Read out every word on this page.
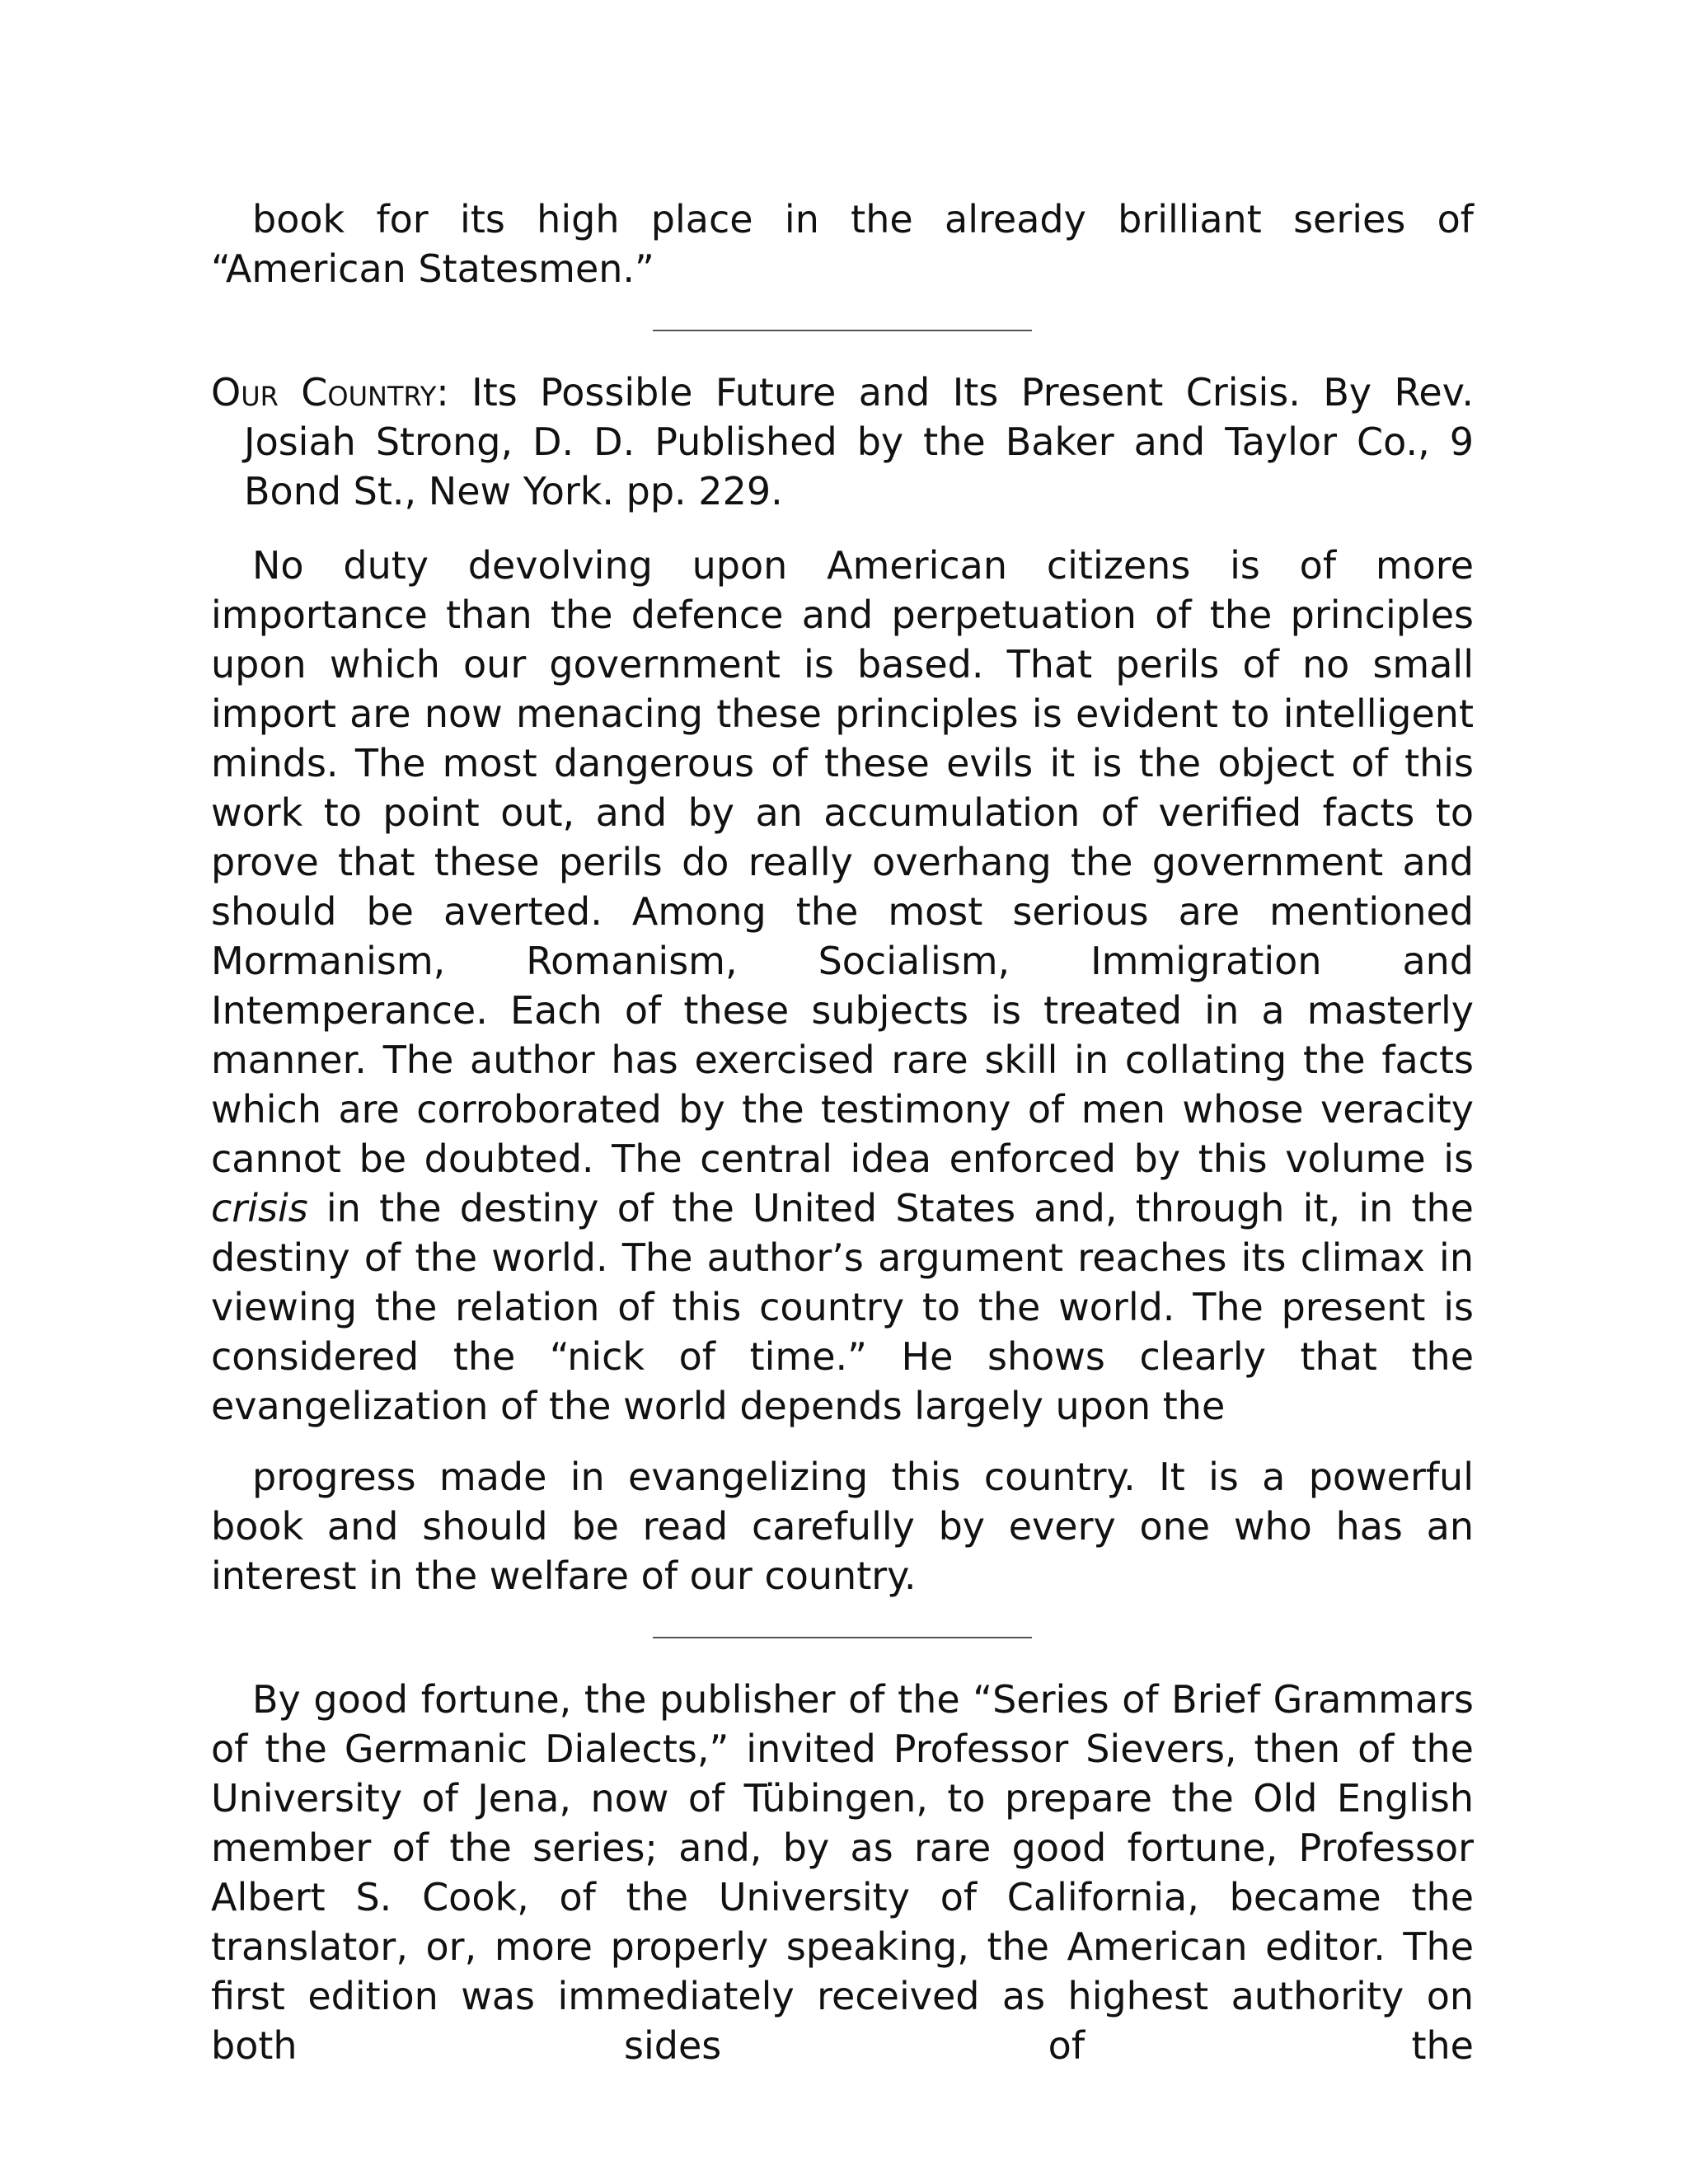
book for its high place in the already brilliant series of “American Statesmen.”

Our Country: Its Possible Future and Its Present Crisis. By Rev. Josiah Strong, D. D. Published by the Baker and Taylor Co., 9 Bond St., New York. pp. 229.

No duty devolving upon American citizens is of more importance than the defence and perpetuation of the principles upon which our government is based. That perils of no small import are now menacing these principles is evident to intelligent minds. The most dangerous of these evils it is the object of this work to point out, and by an accumulation of verified facts to prove that these perils do really overhang the government and should be averted. Among the most serious are mentioned Mormanism, Romanism, Socialism, Immigration and Intemperance. Each of these subjects is treated in a masterly manner. The author has exercised rare skill in collating the facts which are corroborated by the testimony of men whose veracity cannot be doubted. The central idea enforced by this volume is crisis in the destiny of the United States and, through it, in the destiny of the world. The author’s argument reaches its climax in viewing the relation of this country to the world. The present is considered the “nick of time.” He shows clearly that the evangelization of the world depends largely upon the

progress made in evangelizing this country. It is a powerful book and should be read carefully by every one who has an interest in the welfare of our country.

By good fortune, the publisher of the “Series of Brief Grammars of the Germanic Dialects,” invited Professor Sievers, then of the University of Jena, now of Tübingen, to prepare the Old English member of the series; and, by as rare good fortune, Professor Albert S. Cook, of the University of California, became the translator, or, more properly speaking, the American editor. The first edition was immediately received as highest authority on both sides of the
